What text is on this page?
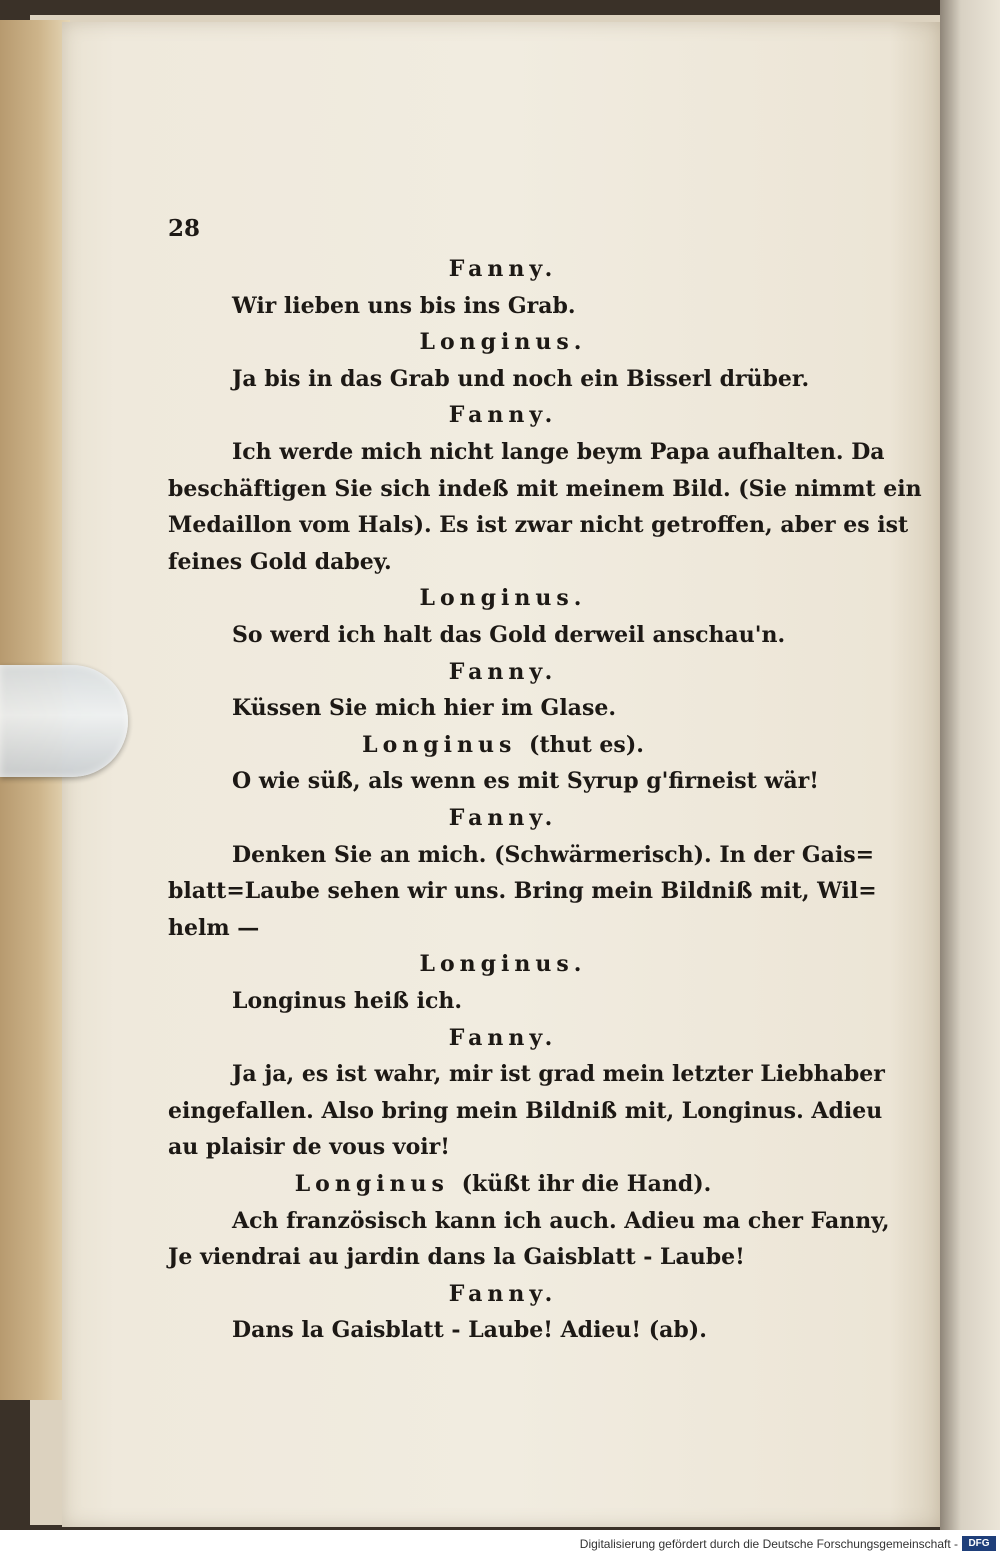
28
Fanny.
Wir lieben uns bis ins Grab.
Longinus.
Ja bis in das Grab und noch ein Bisserl drüber.
Fanny.
Ich werde mich nicht lange beym Papa aufhalten. Da
beschäftigen Sie sich indeß mit meinem Bild. (Sie nimmt ein
Medaillon vom Hals). Es ist zwar nicht getroffen, aber es ist
feines Gold dabey.
Longinus.
So werd ich halt das Gold derweil anschau'n.
Fanny.
Küssen Sie mich hier im Glase.
Longinus (thut es).
O wie süß, als wenn es mit Syrup g'firneist wär!
Fanny.
Denken Sie an mich. (Schwärmerisch). In der Gais=
blatt=Laube sehen wir uns. Bring mein Bildniß mit, Wil=
helm —
Longinus.
Longinus heiß ich.
Fanny.
Ja ja, es ist wahr, mir ist grad mein letzter Liebhaber
eingefallen. Also bring mein Bildniß mit, Longinus. Adieu
au plaisir de vous voir!
Longinus (küßt ihr die Hand).
Ach französisch kann ich auch. Adieu ma cher Fanny,
Je viendrai au jardin dans la Gaisblatt - Laube!
Fanny.
Dans la Gaisblatt - Laube! Adieu! (ab).
Digitalisierung gefördert durch die Deutsche Forschungsgemeinschaft -	DFG
